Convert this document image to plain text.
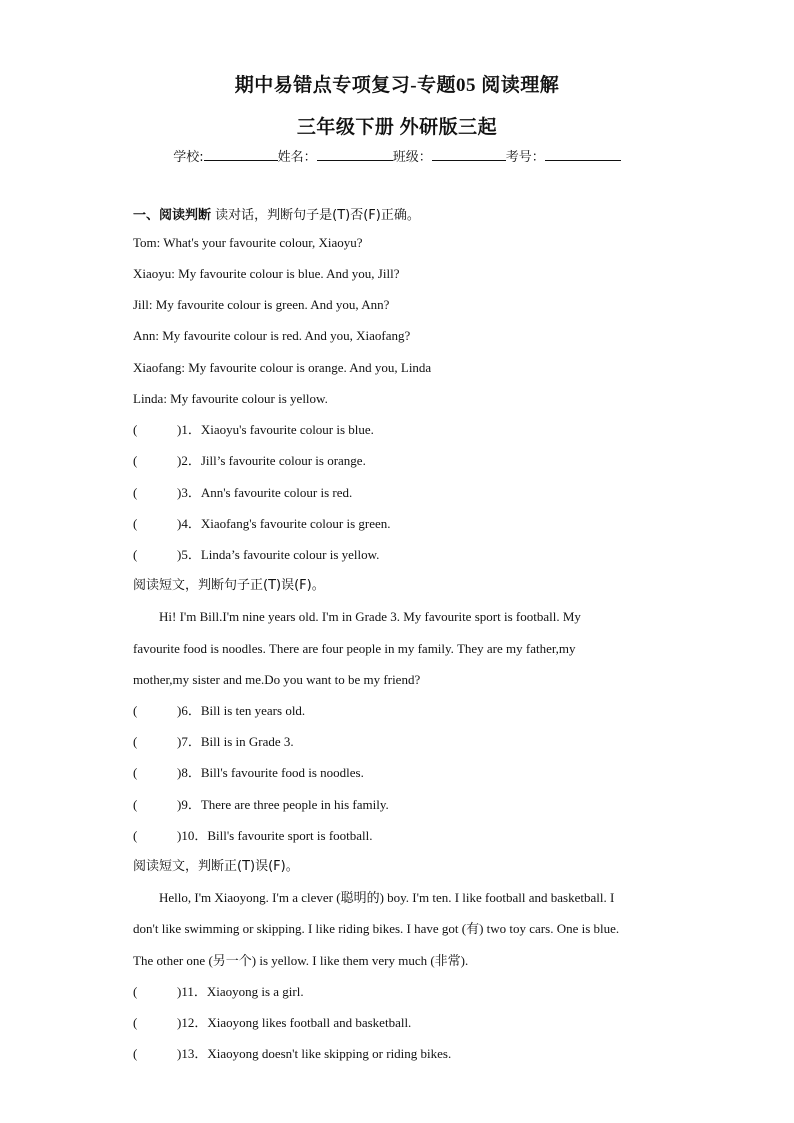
期中易错点专项复习-专题05 阅读理解
三年级下册 外研版三起
学校:	姓名：	班级：	考号：
一、阅读判断 读对话，判断句子是(T)否(F)正确。
Tom: What's your favourite colour, Xiaoyu?
Xiaoyu: My favourite colour is blue. And you, Jill?
Jill: My favourite colour is green. And you, Ann?
Ann: My favourite colour is red. And you, Xiaofang?
Xiaofang: My favourite colour is orange. And you, Linda
Linda: My favourite colour is yellow.
(	)1．Xiaoyu's favourite colour is blue.
(	)2．Jill’s favourite colour is orange.
(	)3．Ann's favourite colour is red.
(	)4．Xiaofang's favourite colour is green.
(	)5．Linda’s favourite colour is yellow.
阅读短文，判断句子正(T)误(F)。
Hi! I'm Bill.I'm nine years old. I'm in Grade 3. My favourite sport is football. My
favourite food is noodles. There are four people in my family. They are my father,my
mother,my sister and me.Do you want to be my friend?
(	)6．Bill is ten years old.
(	)7．Bill is in Grade 3.
(	)8．Bill's favourite food is noodles.
(	)9．There are three people in his family.
(	)10．Bill's favourite sport is football.
阅读短文，判断正(T)误(F)。
Hello, I'm Xiaoyong. I'm a clever (聪明的) boy. I'm ten. I like football and basketball. I
don't like swimming or skipping. I like riding bikes. I have got (有) two toy cars. One is blue.
The other one (另一个) is yellow. I like them very much (非常).
(	)11．Xiaoyong is a girl.
(	)12．Xiaoyong likes football and basketball.
(	)13．Xiaoyong doesn't like skipping or riding bikes.
